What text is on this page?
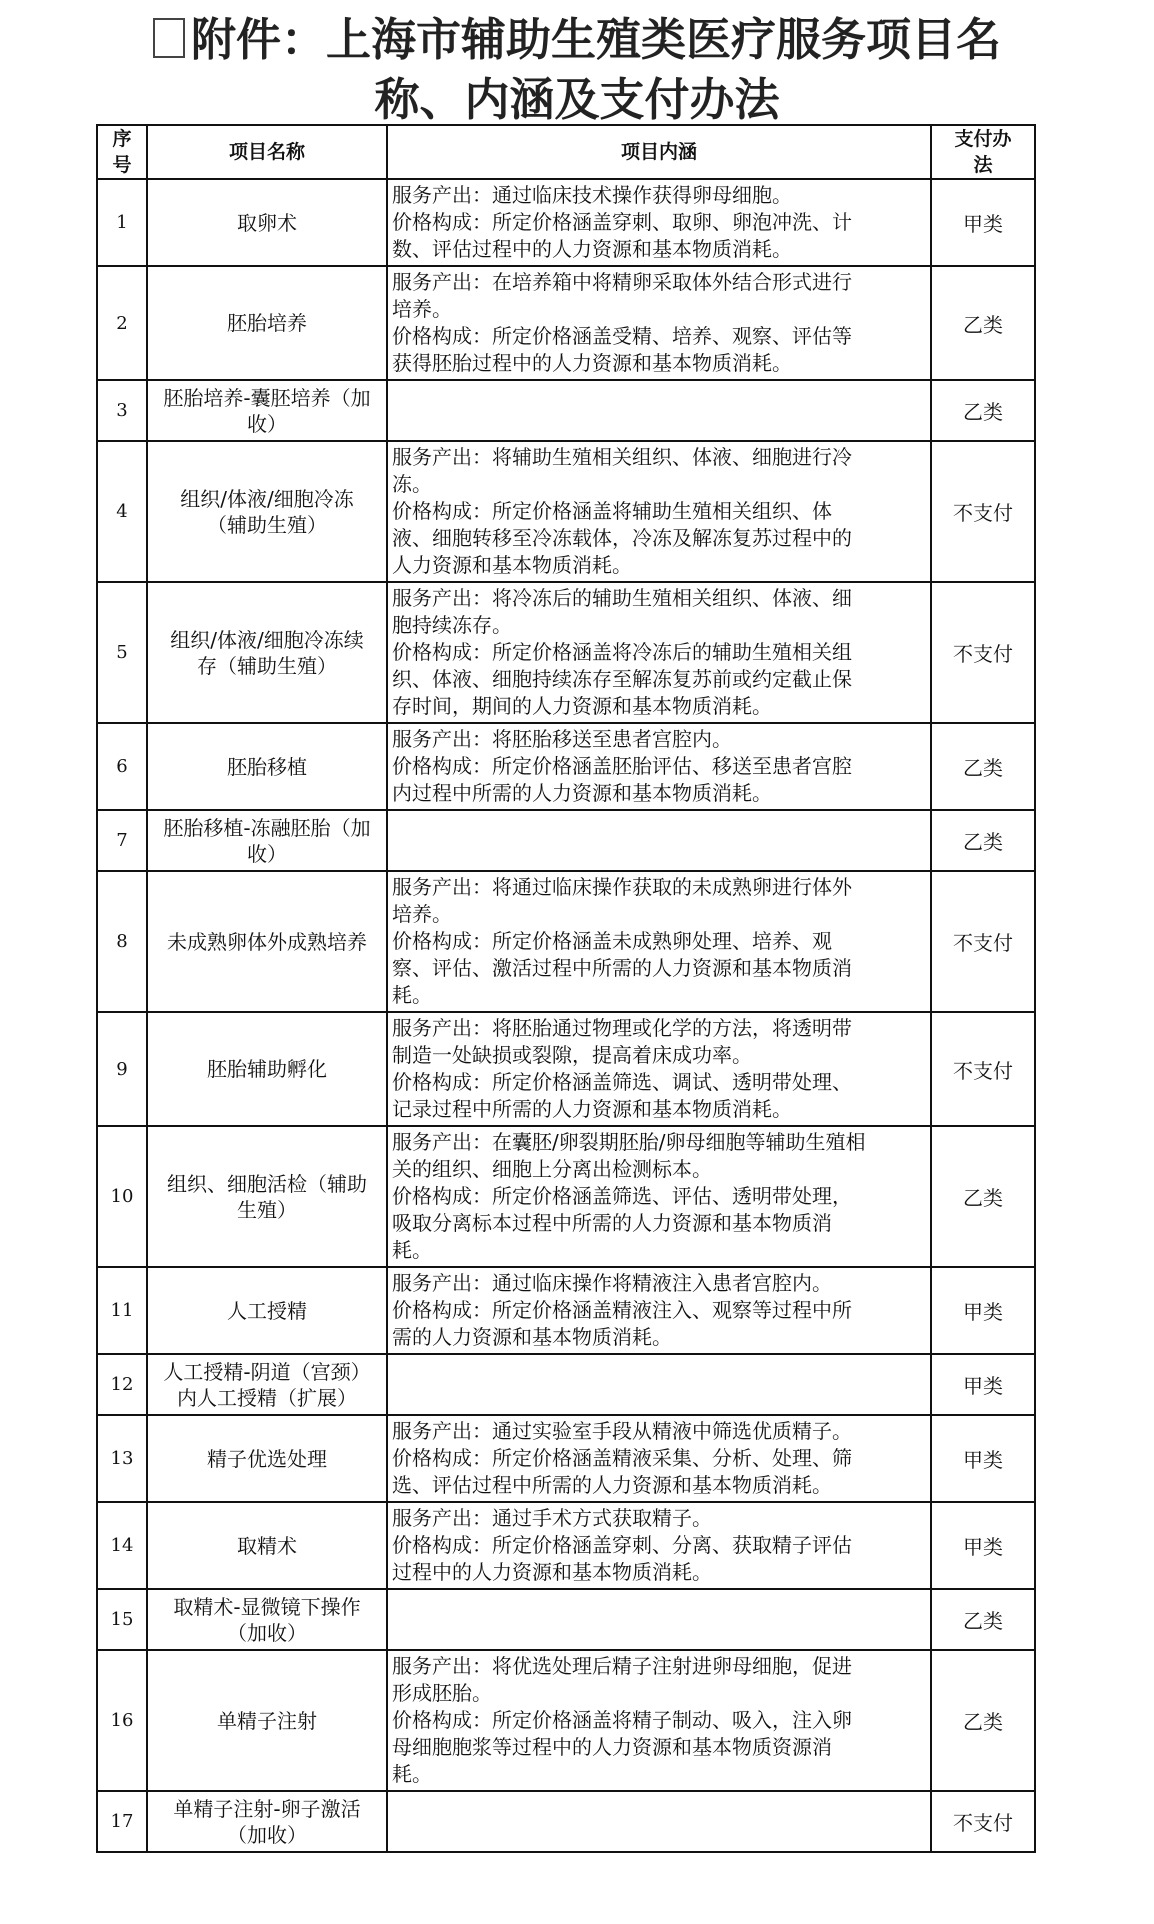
附件：上海市辅助生殖类医疗服务项目名
称、内涵及支付办法
序
号	项目名称	项目内涵	支付办
法

1	取卵术	服务产出：通过临床技术操作获得卵母细胞。
价格构成：所定价格涵盖穿刺、取卵、卵泡冲洗、计
数、评估过程中的人力资源和基本物质消耗。	甲类
2	胚胎培养	服务产出：在培养箱中将精卵采取体外结合形式进行
培养。
价格构成：所定价格涵盖受精、培养、观察、评估等
获得胚胎过程中的人力资源和基本物质消耗。	乙类
3	胚胎培养-囊胚培养（加
收）		乙类
4	组织/体液/细胞冷冻
（辅助生殖）	服务产出：将辅助生殖相关组织、体液、细胞进行冷
冻。
价格构成：所定价格涵盖将辅助生殖相关组织、体
液、细胞转移至冷冻载体，冷冻及解冻复苏过程中的
人力资源和基本物质消耗。	不支付
5	组织/体液/细胞冷冻续
存（辅助生殖）	服务产出：将冷冻后的辅助生殖相关组织、体液、细
胞持续冻存。
价格构成：所定价格涵盖将冷冻后的辅助生殖相关组
织、体液、细胞持续冻存至解冻复苏前或约定截止保
存时间，期间的人力资源和基本物质消耗。	不支付
6	胚胎移植	服务产出：将胚胎移送至患者宫腔内。
价格构成：所定价格涵盖胚胎评估、移送至患者宫腔
内过程中所需的人力资源和基本物质消耗。	乙类
7	胚胎移植-冻融胚胎（加
收）		乙类
8	未成熟卵体外成熟培养	服务产出：将通过临床操作获取的未成熟卵进行体外
培养。
价格构成：所定价格涵盖未成熟卵处理、培养、观
察、评估、激活过程中所需的人力资源和基本物质消
耗。	不支付
9	胚胎辅助孵化	服务产出：将胚胎通过物理或化学的方法，将透明带
制造一处缺损或裂隙，提高着床成功率。
价格构成：所定价格涵盖筛选、调试、透明带处理、
记录过程中所需的人力资源和基本物质消耗。	不支付
10	组织、细胞活检（辅助
生殖）	服务产出：在囊胚/卵裂期胚胎/卵母细胞等辅助生殖相
关的组织、细胞上分离出检测标本。
价格构成：所定价格涵盖筛选、评估、透明带处理，
吸取分离标本过程中所需的人力资源和基本物质消
耗。	乙类
11	人工授精	服务产出：通过临床操作将精液注入患者宫腔内。
价格构成：所定价格涵盖精液注入、观察等过程中所
需的人力资源和基本物质消耗。	甲类
12	人工授精-阴道（宫颈）
内人工授精（扩展）		甲类
13	精子优选处理	服务产出：通过实验室手段从精液中筛选优质精子。
价格构成：所定价格涵盖精液采集、分析、处理、筛
选、评估过程中所需的人力资源和基本物质消耗。	甲类
14	取精术	服务产出：通过手术方式获取精子。
价格构成：所定价格涵盖穿刺、分离、获取精子评估
过程中的人力资源和基本物质消耗。	甲类
15	取精术-显微镜下操作
（加收）		乙类
16	单精子注射	服务产出：将优选处理后精子注射进卵母细胞，促进
形成胚胎。
价格构成：所定价格涵盖将精子制动、吸入，注入卵
母细胞胞浆等过程中的人力资源和基本物质资源消
耗。	乙类
17	单精子注射-卵子激活
（加收）		不支付
